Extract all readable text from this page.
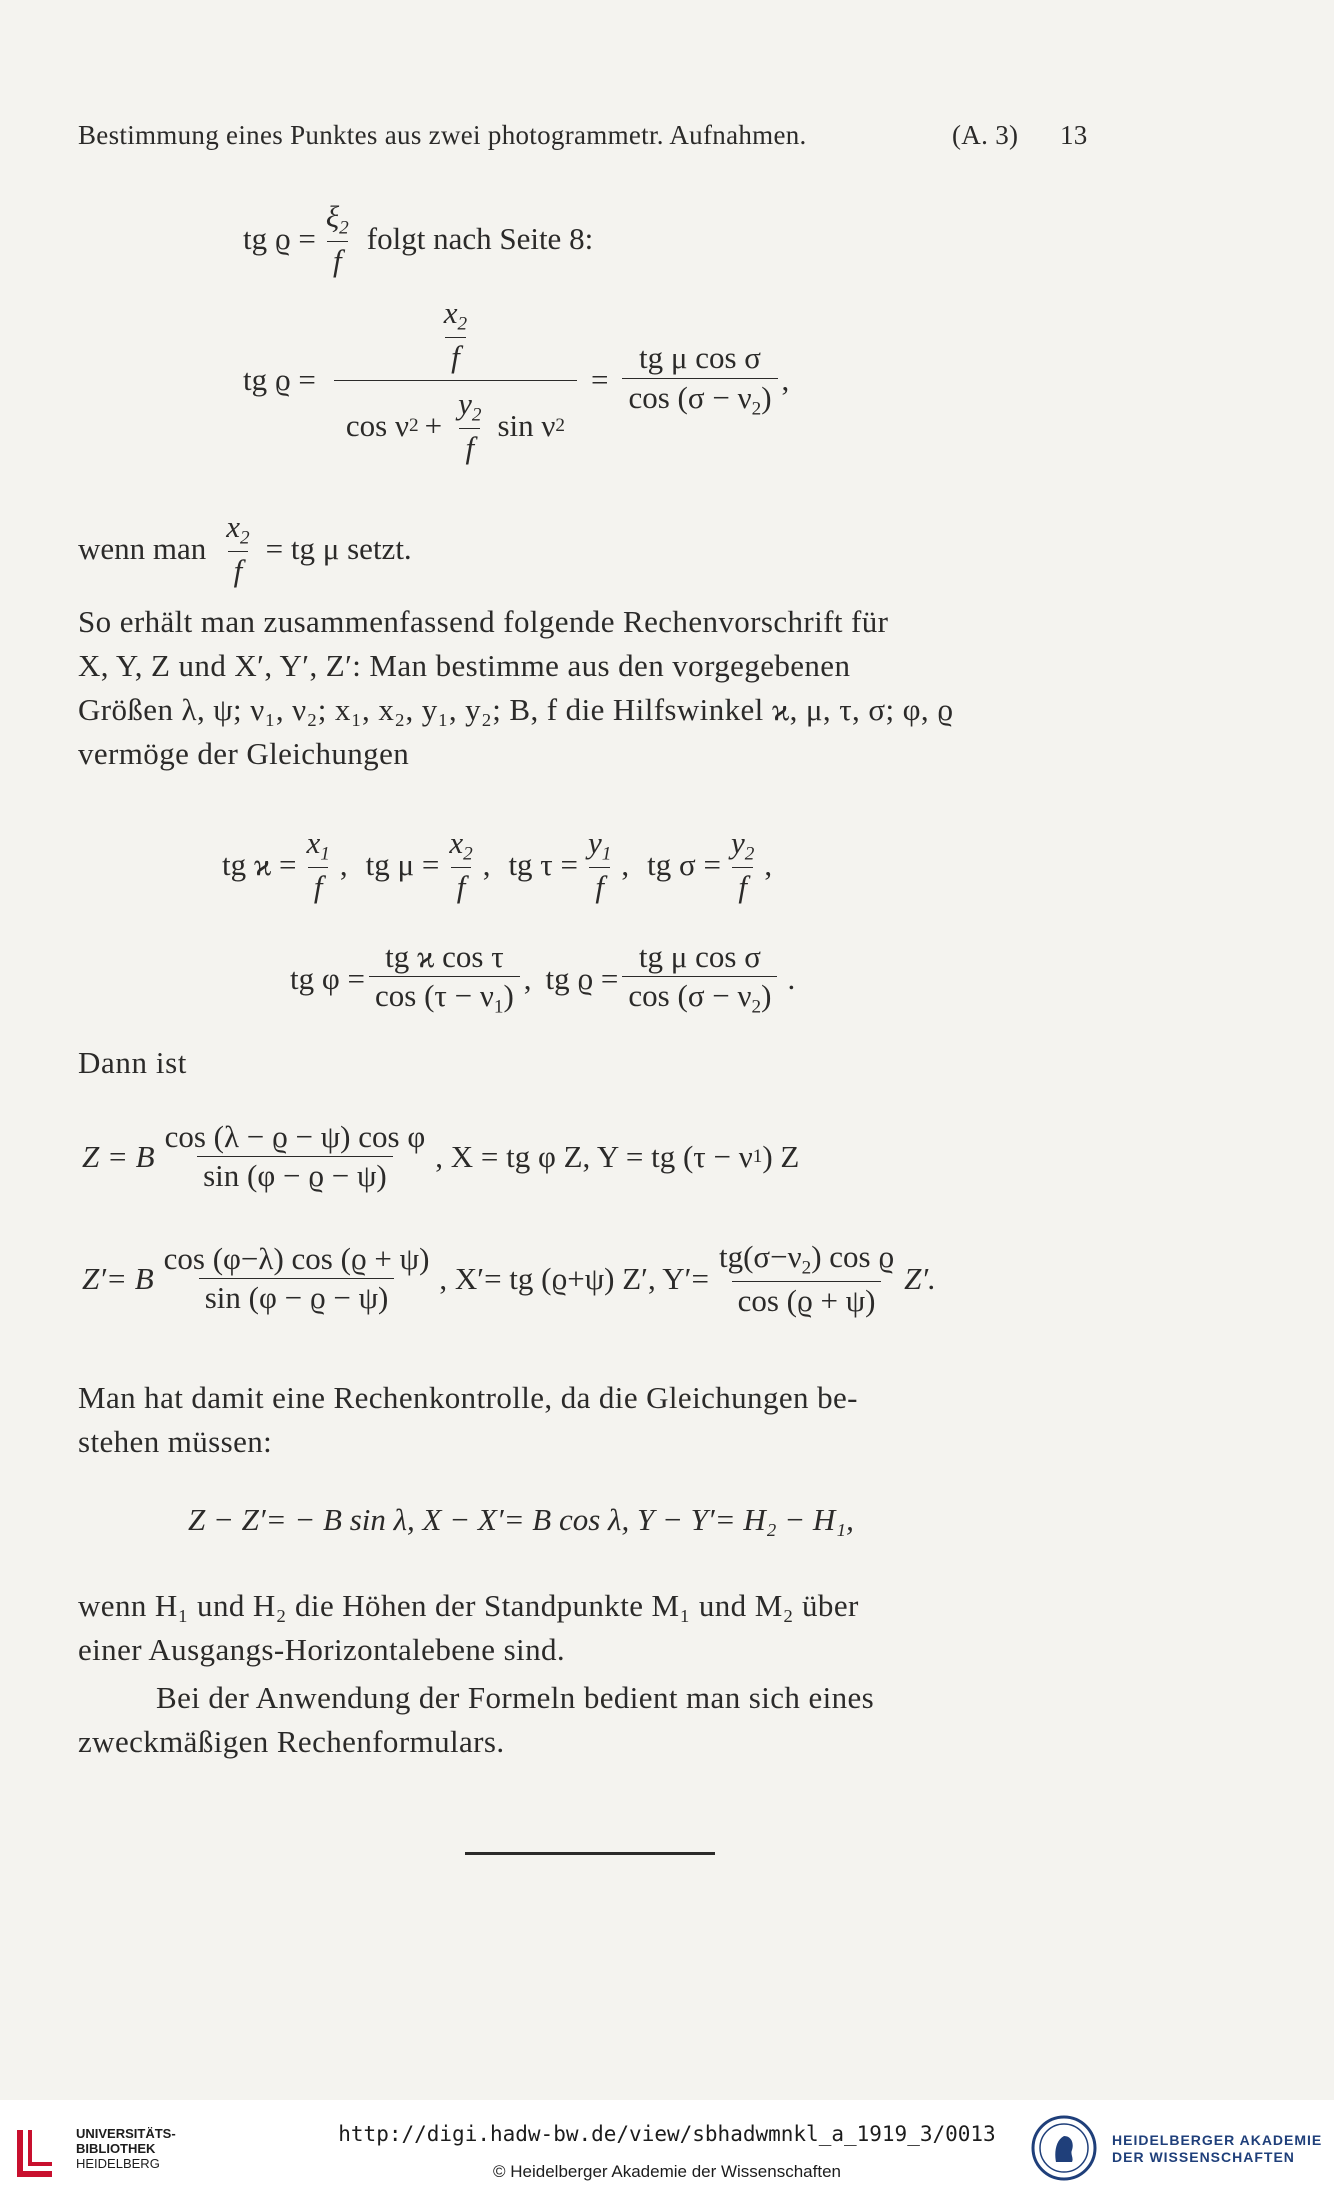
Bestimmung eines Punktes aus zwei photogrammetr. Aufnahmen.	(A. 3) 13
tg $ϱ = \frac{\xi_2}{f}$ folgt nach Seite 8:
tg ϱ =
$\frac{x_2}{f}$
cos ν $2 + \frac{y_2}{f}$ sin ν 2
= $\frac{\text{tg μ cos σ}}{\cos (\sigma - \nu_2)}$ ,
wenn man $\frac{x_2}{f}$ = tg μ setzt.
So erhält man zusammenfassend folgende Rechenvorschrift für
X, Y, Z und X′, Y′, Z′: Man bestimme aus den vorgegebenen
Größen λ, ψ; ν₁, ν₂; x₁, x₂, y₁, y₂; B, f die Hilfswinkel ϰ, μ, τ, σ; φ, ϱ
vermöge der Gleichungen
tg $ϰ = \frac{x_1}{f}$ , tg $\mu = \frac{x_2}{f}$ , tg $\tau = \frac{y_1}{f}$ , tg $\sigma = \frac{y_2}{f}$ ,
tg $\varphi = \frac{\text{tg ϰ cos τ}}{\cos (\tau - \nu_1)}$ , tg $ϱ = \frac{\text{tg μ cos σ}}{\cos (\sigma - \nu_2)}$ .
Dann ist
Z = B $\frac{\text{cos (λ − ϱ − ψ) cos φ}}{\sin (\varphi - ϱ - \psi)}$ , X = tg φ Z, Y = tg (τ − ν 1 ) Z
Z′= B $\frac{\cos (\varphi-\lambda) \cos (ϱ + \psi)}{\sin (\varphi - ϱ - \psi)}$ , X′= tg (ϱ+ψ) Z′, $Y'= \frac{tg(\sigma-\nu_2) \cos ϱ}{\cos (ϱ + \psi)} Z'$.
Man hat damit eine Rechenkontrolle, da die Gleichungen be-
stehen müssen:
Z − Z′= − B sin λ, X − X′= B cos λ, Y − Y′= H₂ − H₁,
wenn H₁ und H₂ die Höhen der Standpunkte M₁ und M₂ über
einer Ausgangs-Horizontalebene sind.
Bei der Anwendung der Formeln bedient man sich eines
zweckmäßigen Rechenformulars.
UNIVERSITÄTS-
BIBLIOTHEK
HEIDELBERG
http://digi.hadw-bw.de/view/sbhadwmnkl_a_1919_3/0013
© Heidelberger Akademie der Wissenschaften
HEIDELBERGER AKADEMIE
DER WISSENSCHAFTEN
